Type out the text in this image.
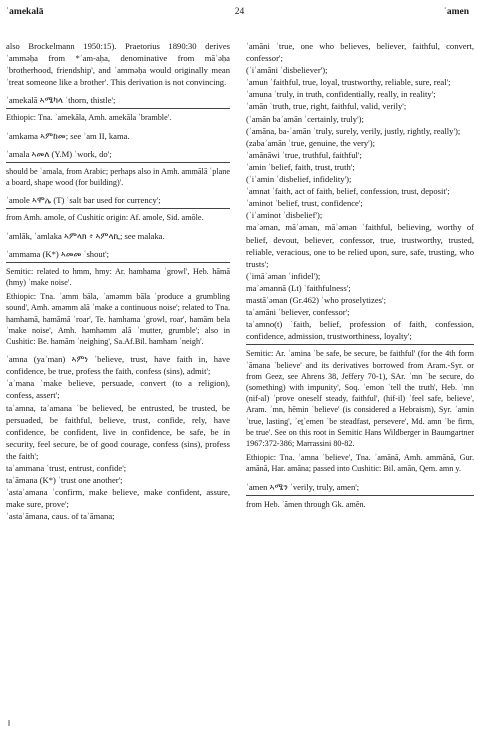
ʾamekalā	24	ʾamen

also Brockelmann 1950:15). Praetorius 1890:30 derives ʾammǝḥa from *ʾam-aḥa, denominative from māʾǝḥa ʿbrotherhood, friendship', and ʾammǝḥa would originally mean ʿtreat someone like a brother'. This derivation is not convincing.

ʾamekalā ኣሜካላ ʿthorn, thistle';

Ethiopic: Tna. ʾamekāla, Amh. amekāla ʿbramble'.

ʾamkama ኣምከመ; see ʾam II, kama.

ʾamala ኣመለ (Y.M) ʿwork, do';

should be ʿamala, from Arabic; perhaps also in Amh. ammālā ʿplane a board, shape wood (for building)'.

ʾamole ኣሞሌ (T) ʿsalt bar used for currency';

from Amh. amole, of Cushitic origin: Af. amole, Sid. amōle.

ʾamlāk, ʾamlaka ኣምላክ ፥ ኣምላኪ; see malaka.

ʾammama (K*) ኣመመ ʿshout';

Semitic: related to hmm, hmy: Ar. hamhama ʿgrowl', Heb. hāmā (hmy) ʿmake noise'.

Ethiopic: Tna. ʾamm bāla, ʾamǝmm bāla ʿproduce a grumbling sound', Amh. ǝmǝmm alā ʿmake a continuous noise'; related to Tna. hamhamā, hamāmā ʿroar', Te. hamhama ʿgrowl, roar', hamām bela ʿmake noise', Amh. hǝmhǝmm alā ʿmutter, grumble'; also in Cushitic: Be. hamām ʿneighing', Sa.Af.Bil. hamham ʿneigh'.

ʾamna (yaʾman) ኣምነ ʿbelieve, trust, have faith in, have confidence, be true, profess the faith, confess (sins), admit';

ʾaʾmana ʿmake believe, persuade, convert (to a religion), confess, assert';

taʾamna, taʾamana ʿbe believed, be entrusted, be trusted, be persuaded, be faithful, believe, trust, confide, rely, have confidence, be confident, live in confidence, be safe, be in security, feel secure, be of good courage, confess (sins), profess the faith';

taʾammana ʿtrust, entrust, confide';

taʾāmana (K*) ʿtrust one another';

ʾastaʾamana ʿconfirm, make believe, make confident, assure, make sure, prove';

ʾastaʾāmana, caus. of taʾāmana;

ʾamāni ʿtrue, one who believes, believer, faithful, convert, confessor';

(ʾiʾamāni ʿdisbeliever');

ʾamun ʿfaithful, true, loyal, trustworthy, reliable, sure, real';

ʾamuna ʿtruly, in truth, confidentially, really, in reality';

ʾamān ʿtruth, true, right, faithful, valid, verily';

(ʾamān baʾamān ʿcertainly, truly');

(ʾamāna, ba-ʾamān ʿtruly, surely, verily, justly, rightly, really');

(zabaʾamān ʿtrue, genuine, the very');

ʾamānāwi ʿtrue, truthful, faithful';

ʾamin ʿbelief, faith, trust, truth';

(ʾiʾamin ʿdisbelief, infidelity');

ʾamnat ʿfaith, act of faith, belief, confession, trust, deposit';

ʾaminot ʿbelief, trust, confidence';

(ʾiʾaminot ʿdisbelief');

maʾǝman, māʾǝman, māʾǝmǝn ʿfaithful, believing, worthy of belief, devout, believer, confessor, true, trustworthy, trusted, reliable, veracious, one to be relied upon, sure, safe, trusting, who trusts';

(ʾimāʾǝman ʿinfidel');

maʾǝmannā (Lt) ʿfaithfulness';

mastāʾǝman (Gr.462) ʿwho proselytizes';

taʾamāni ʿbeliever, confessor';

taʾamno(t) ʿfaith, belief, profession of faith, confession, confidence, admission, trustworthiness, loyalty';

Semitic: Ar. ʾamina ʿbe safe, be secure, be faithful' (for the 4th form ʾāmana ʿbelieve' and its derivatives borrowed from Aram.-Syr. or from Geez, see Ahrens 38, Jeffery 70-1), SAr. ʾmn ʿbe secure, do (something) with impunity', Soq. ʾemon ʿtell the truth', Heb. ʾmn (nif-al) ʿprove oneself steady, faithful', (hif-il) ʿfeel safe, believe', Aram. ʾmn, hēmin ʿbelieve' (is considered a Hebraism), Syr. ʾamin ʿtrue, lasting', ʾeṯʾemen ʿbe steadfast, persevere', Md. amn ʿbe firm, be true'. See on this root in Semitic Hans Wildberger in Baumgartner 1967:372-386; Marrassini 80-82.

Ethiopic: Tna. ʾamna ʿbelieve', Tna. ʾamānā, Amh. ammānā, Gur. amānā, Har. amāna; passed into Cushitic: Bil. amān, Qem. amn y.

ʾamen ኣሜን ʿverily, truly, amen';

from Heb. ʾāmen through Gk. amēn.

ǁ
